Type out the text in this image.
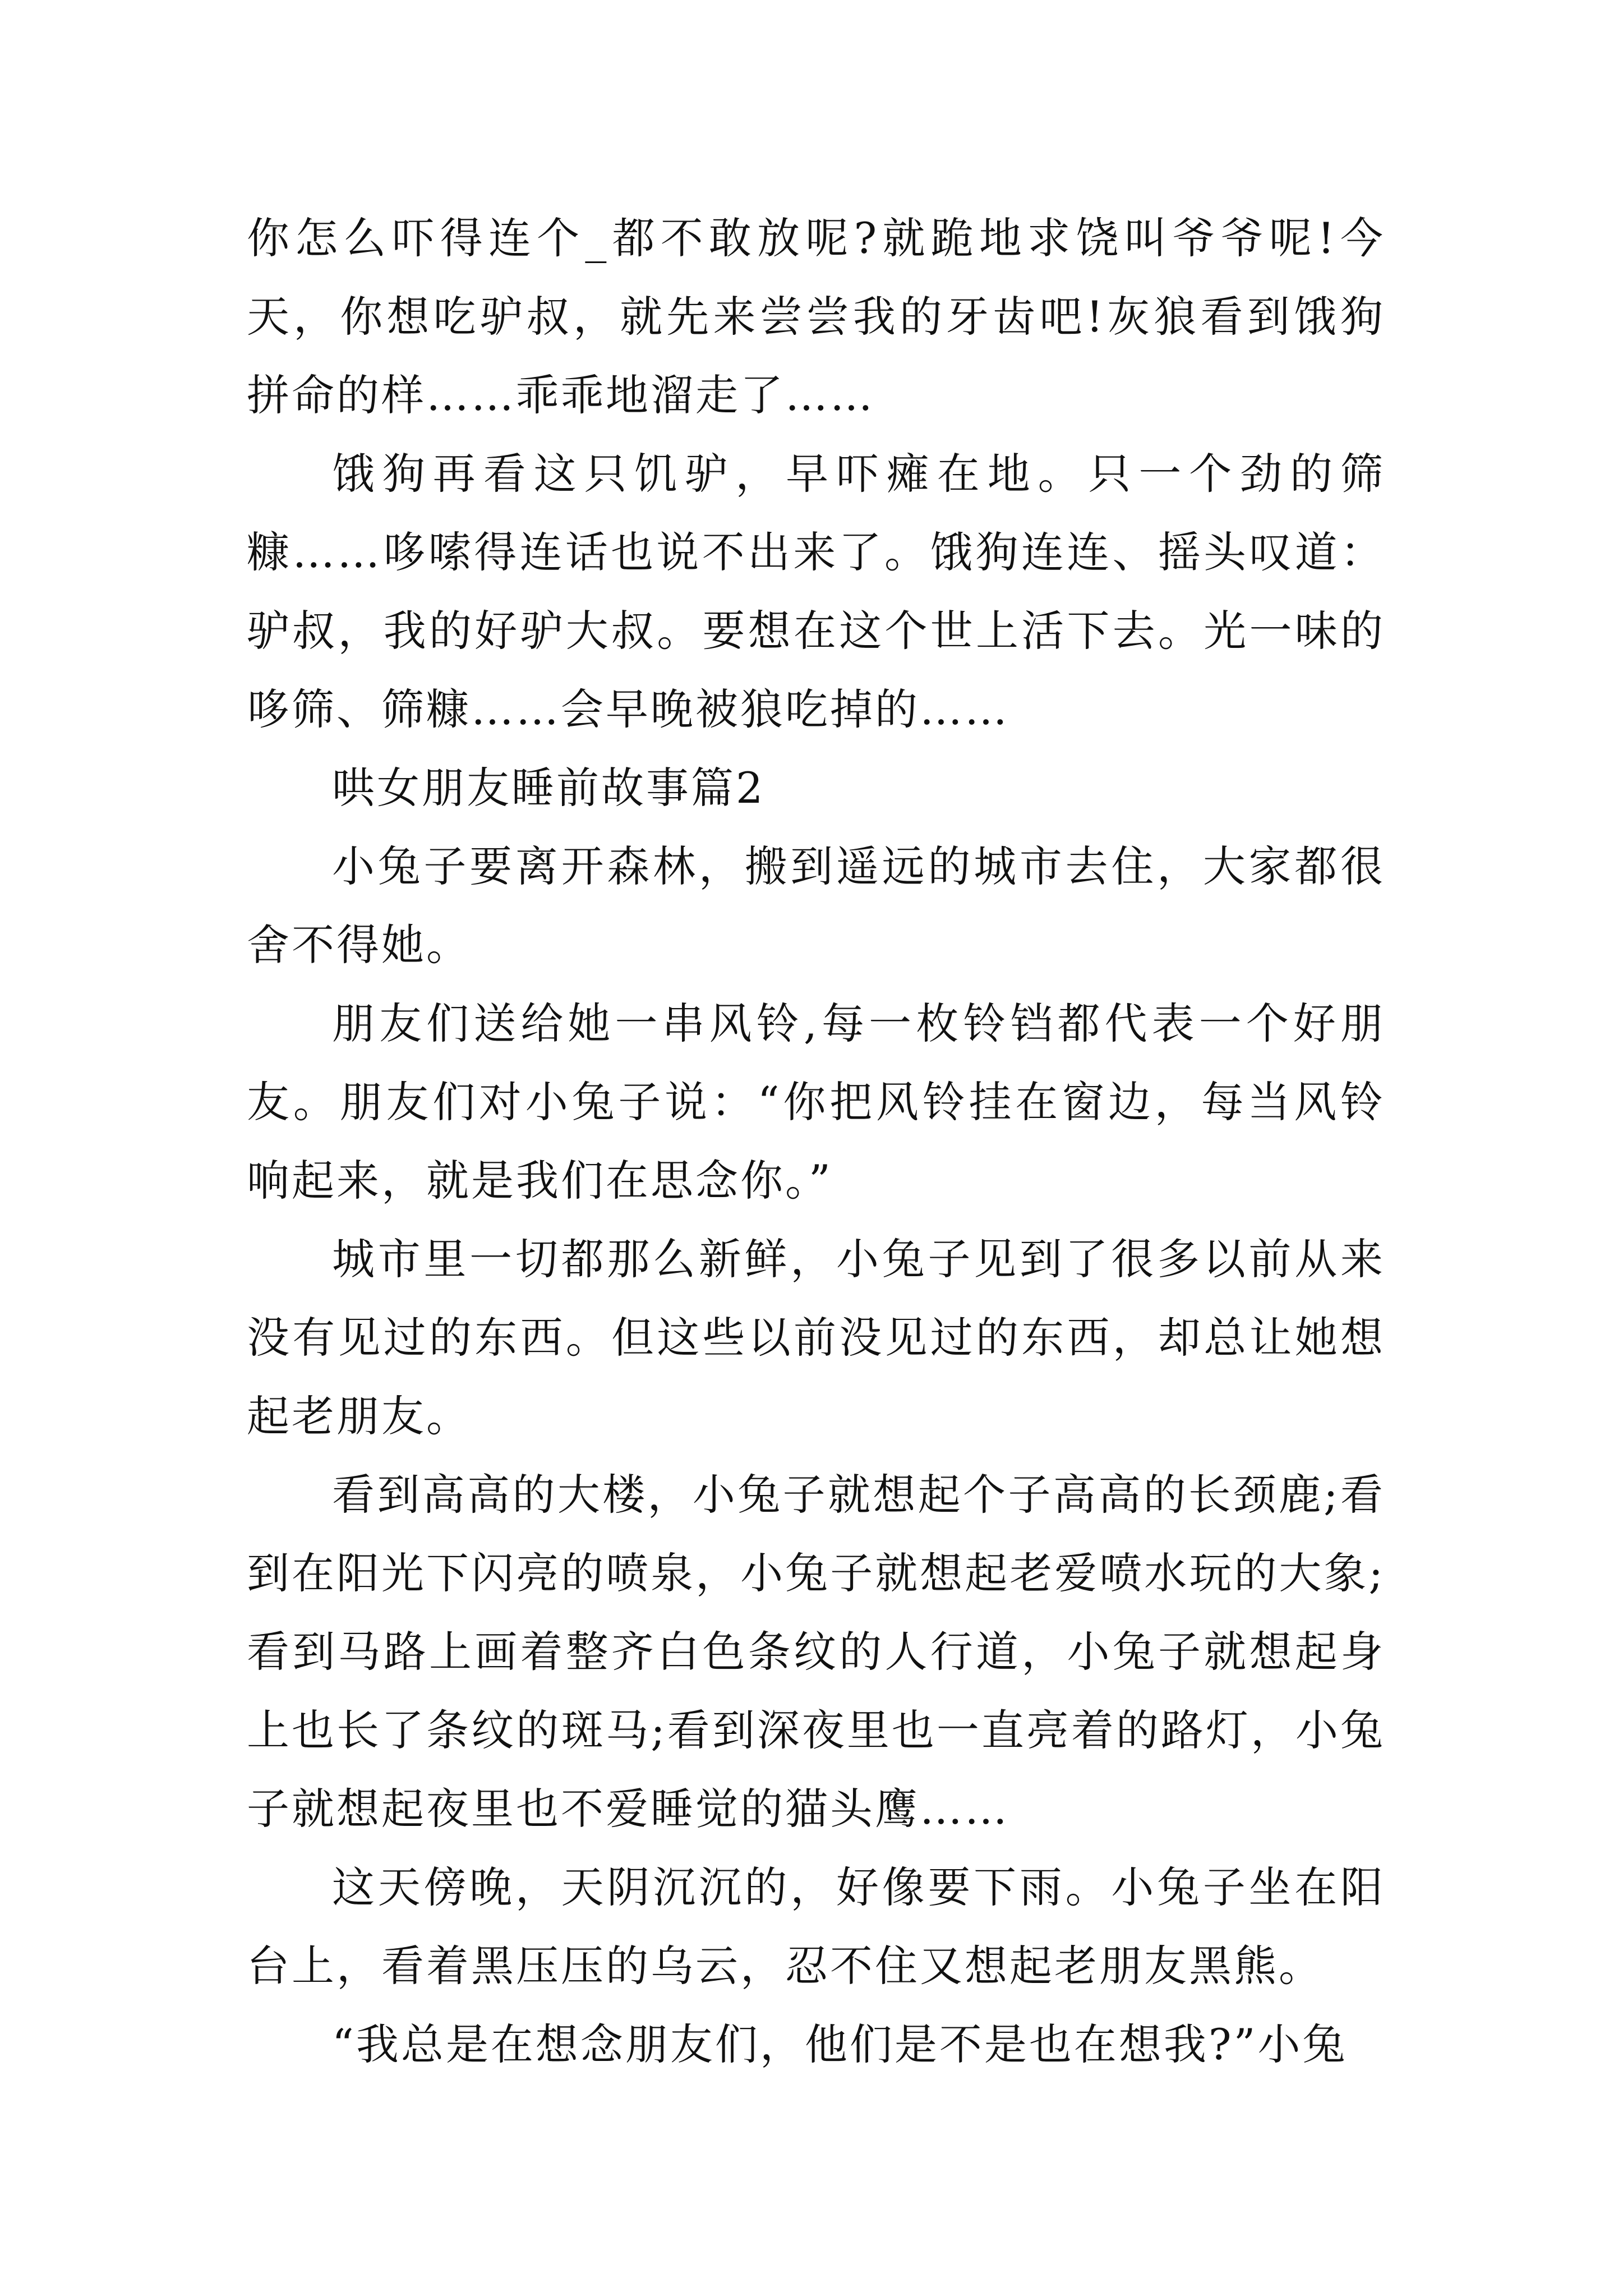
你怎么吓得连个_都不敢放呢?就跪地求饶叫爷爷呢!今天，你想吃驴叔，就先来尝尝我的牙齿吧!灰狼看到饿狗拼命的样……乖乖地溜走了……

饿狗再看这只饥驴，早吓瘫在地。只一个劲的筛糠……哆嗦得连话也说不出来了。饿狗连连、摇头叹道：驴叔，我的好驴大叔。要想在这个世上活下去。光一味的哆筛、筛糠……会早晚被狼吃掉的……

哄女朋友睡前故事篇2

小兔子要离开森林，搬到遥远的城市去住，大家都很舍不得她。

朋友们送给她一串风铃,每一枚铃铛都代表一个好朋友。朋友们对小兔子说：“你把风铃挂在窗边，每当风铃响起来，就是我们在思念你。”

城市里一切都那么新鲜，小兔子见到了很多以前从来没有见过的东西。但这些以前没见过的东西，却总让她想起老朋友。

看到高高的大楼，小兔子就想起个子高高的长颈鹿;看到在阳光下闪亮的喷泉，小兔子就想起老爱喷水玩的大象;看到马路上画着整齐白色条纹的人行道，小兔子就想起身上也长了条纹的斑马;看到深夜里也一直亮着的路灯，小兔子就想起夜里也不爱睡觉的猫头鹰……

这天傍晚，天阴沉沉的，好像要下雨。小兔子坐在阳台上，看着黑压压的乌云，忍不住又想起老朋友黑熊。

“我总是在想念朋友们，他们是不是也在想我?”小兔
